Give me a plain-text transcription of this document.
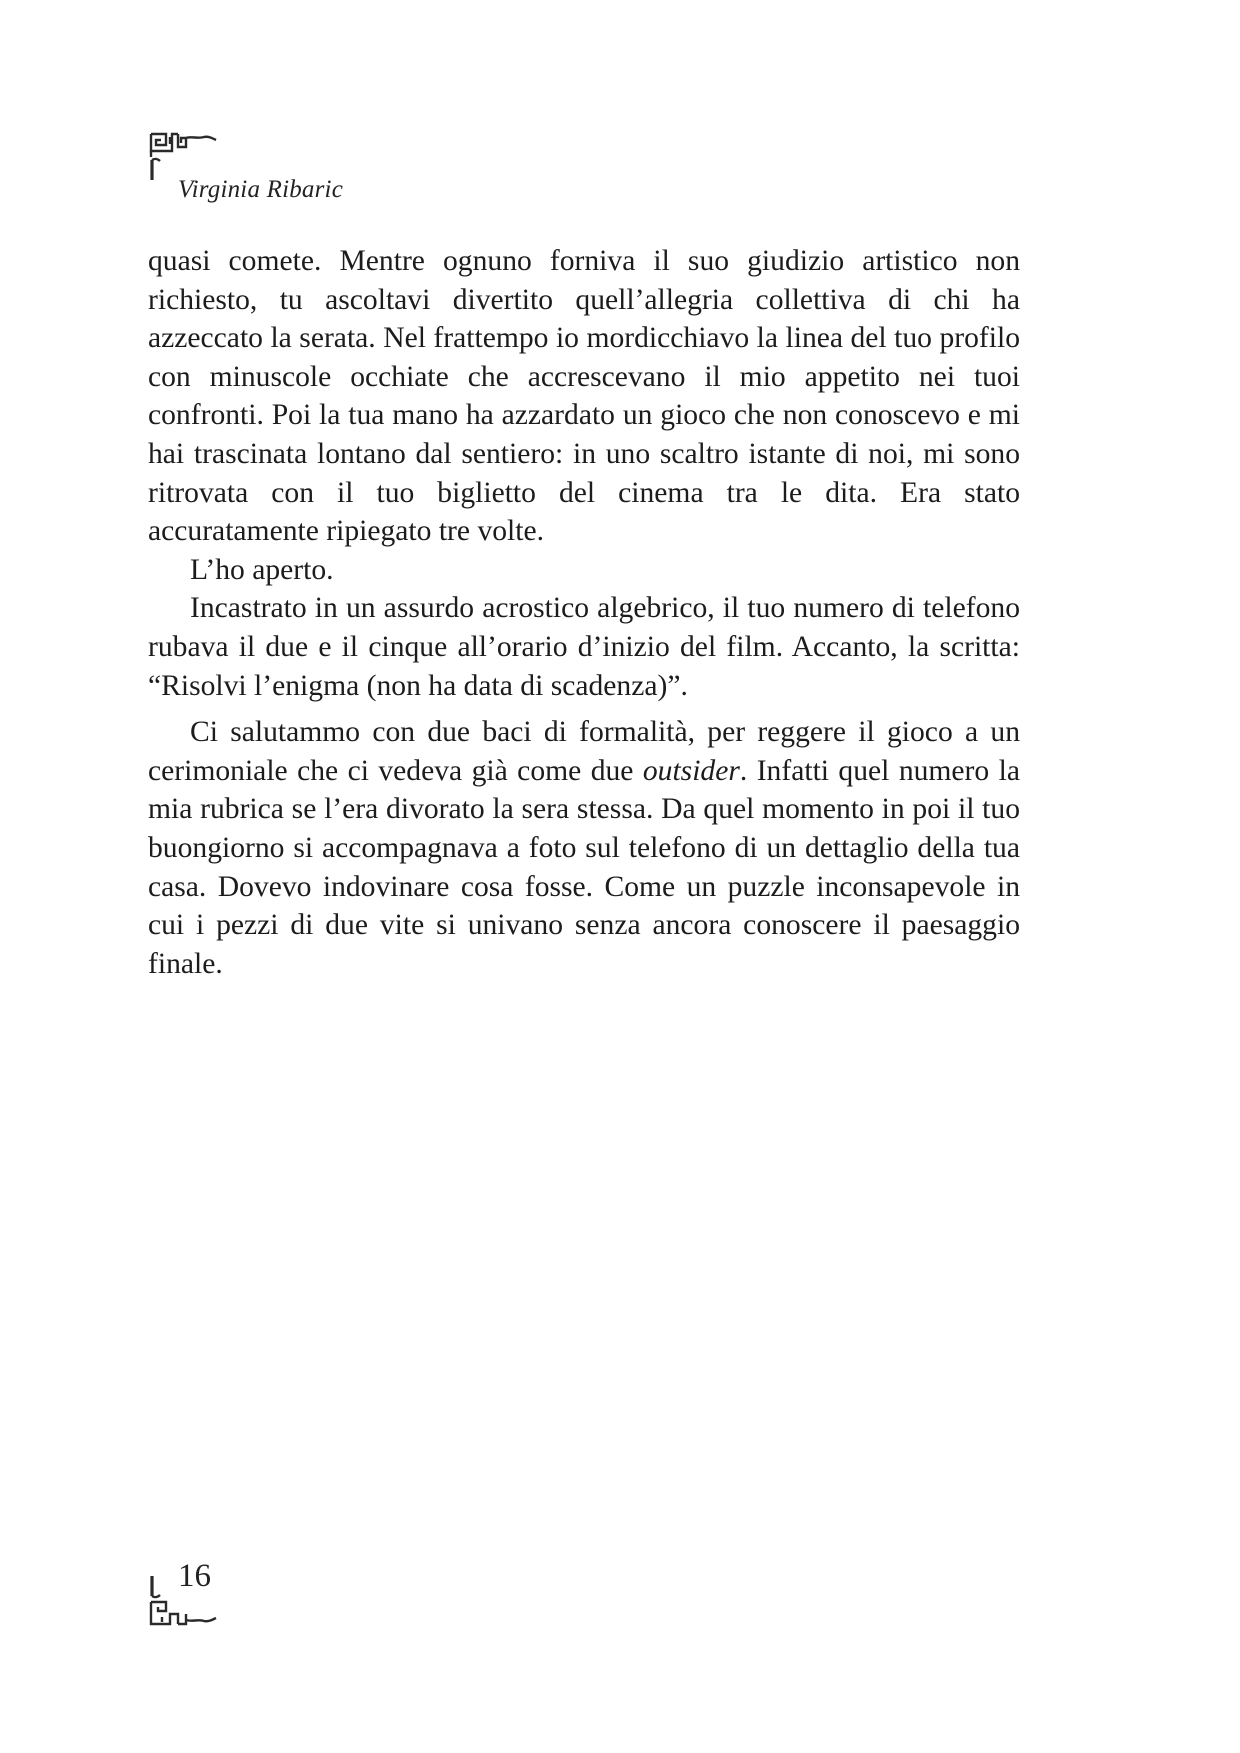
Virginia Ribaric

quasi comete. Mentre ognuno forniva il suo giudizio artistico non richiesto, tu ascoltavi divertito quell’allegria collettiva di chi ha azzeccato la serata. Nel frattempo io mordicchiavo la linea del tuo profilo con minuscole occhiate che accrescevano il mio appetito nei tuoi confronti. Poi la tua mano ha azzardato un gioco che non conoscevo e mi hai trascinata lontano dal sentiero: in uno scaltro istante di noi, mi sono ritrovata con il tuo biglietto del cinema tra le dita. Era stato accuratamente ripiegato tre volte.

L’ho aperto.

Incastrato in un assurdo acrostico algebrico, il tuo numero di telefono rubava il due e il cinque all’orario d’inizio del film. Accanto, la scritta: “Risolvi l’enigma (non ha data di scadenza)”.

Ci salutammo con due baci di formalità, per reggere il gioco a un cerimoniale che ci vedeva già come due outsider. Infatti quel numero la mia rubrica se l’era divorato la sera stessa. Da quel momento in poi il tuo buongiorno si accompagnava a foto sul telefono di un dettaglio della tua casa. Dovevo indovinare cosa fosse. Come un puzzle inconsapevole in cui i pezzi di due vite si univano senza ancora conoscere il paesaggio finale.

16
